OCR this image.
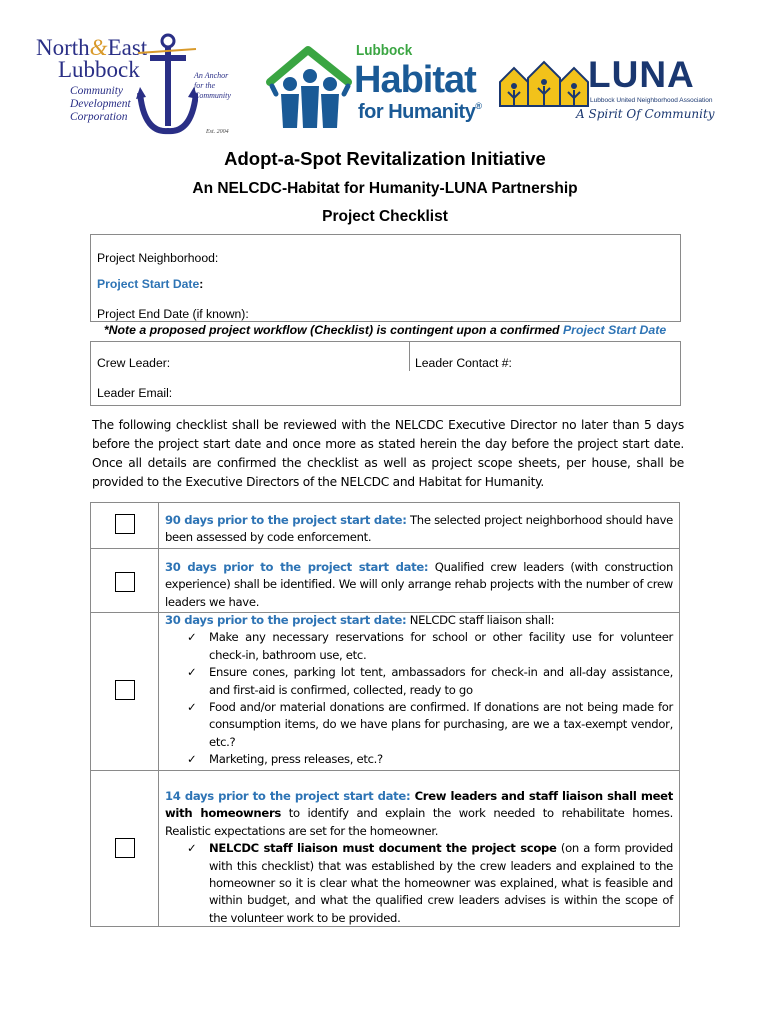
North&East
Lubbock
Community
Development
Corporation
An Anchor
for the
Community
Est. 2004
Lubbock
Habitat
for Humanity®
LUNA
Lubbock United Neighborhood Association
A Spirit Of Community
Adopt-a-Spot Revitalization Initiative
An NELCDC-Habitat for Humanity-LUNA Partnership
Project Checklist
Project Neighborhood:
Project Start Date:
Project End Date (if known):
*Note a proposed project workflow (Checklist) is contingent upon a confirmed Project Start Date
Crew Leader:	Leader Contact #:
Leader Email:
The following checklist shall be reviewed with the NELCDC Executive Director no later than 5 days before the project start date and once more as stated herein the day before the project start date. Once all details are confirmed the checklist as well as project scope sheets, per house, shall be provided to the Executive Directors of the NELCDC and Habitat for Humanity.
90 days prior to the project start date: The selected project neighborhood should have been assessed by code enforcement.
30 days prior to the project start date: Qualified crew leaders (with construction experience) shall be identified. We will only arrange rehab projects with the number of crew leaders we have.
30 days prior to the project start date: NELCDC staff liaison shall:
✓ Make any necessary reservations for school or other facility use for volunteer check-in, bathroom use, etc.
✓ Ensure cones, parking lot tent, ambassadors for check-in and all-day assistance, and first-aid is confirmed, collected, ready to go
✓ Food and/or material donations are confirmed. If donations are not being made for consumption items, do we have plans for purchasing, are we a tax-exempt vendor, etc.?
✓ Marketing, press releases, etc.?
14 days prior to the project start date: Crew leaders and staff liaison shall meet with homeowners to identify and explain the work needed to rehabilitate homes. Realistic expectations are set for the homeowner.
✓ NELCDC staff liaison must document the project scope (on a form provided with this checklist) that was established by the crew leaders and explained to the homeowner so it is clear what the homeowner was explained, what is feasible and within budget, and what the qualified crew leaders advises is within the scope of the volunteer work to be provided.
